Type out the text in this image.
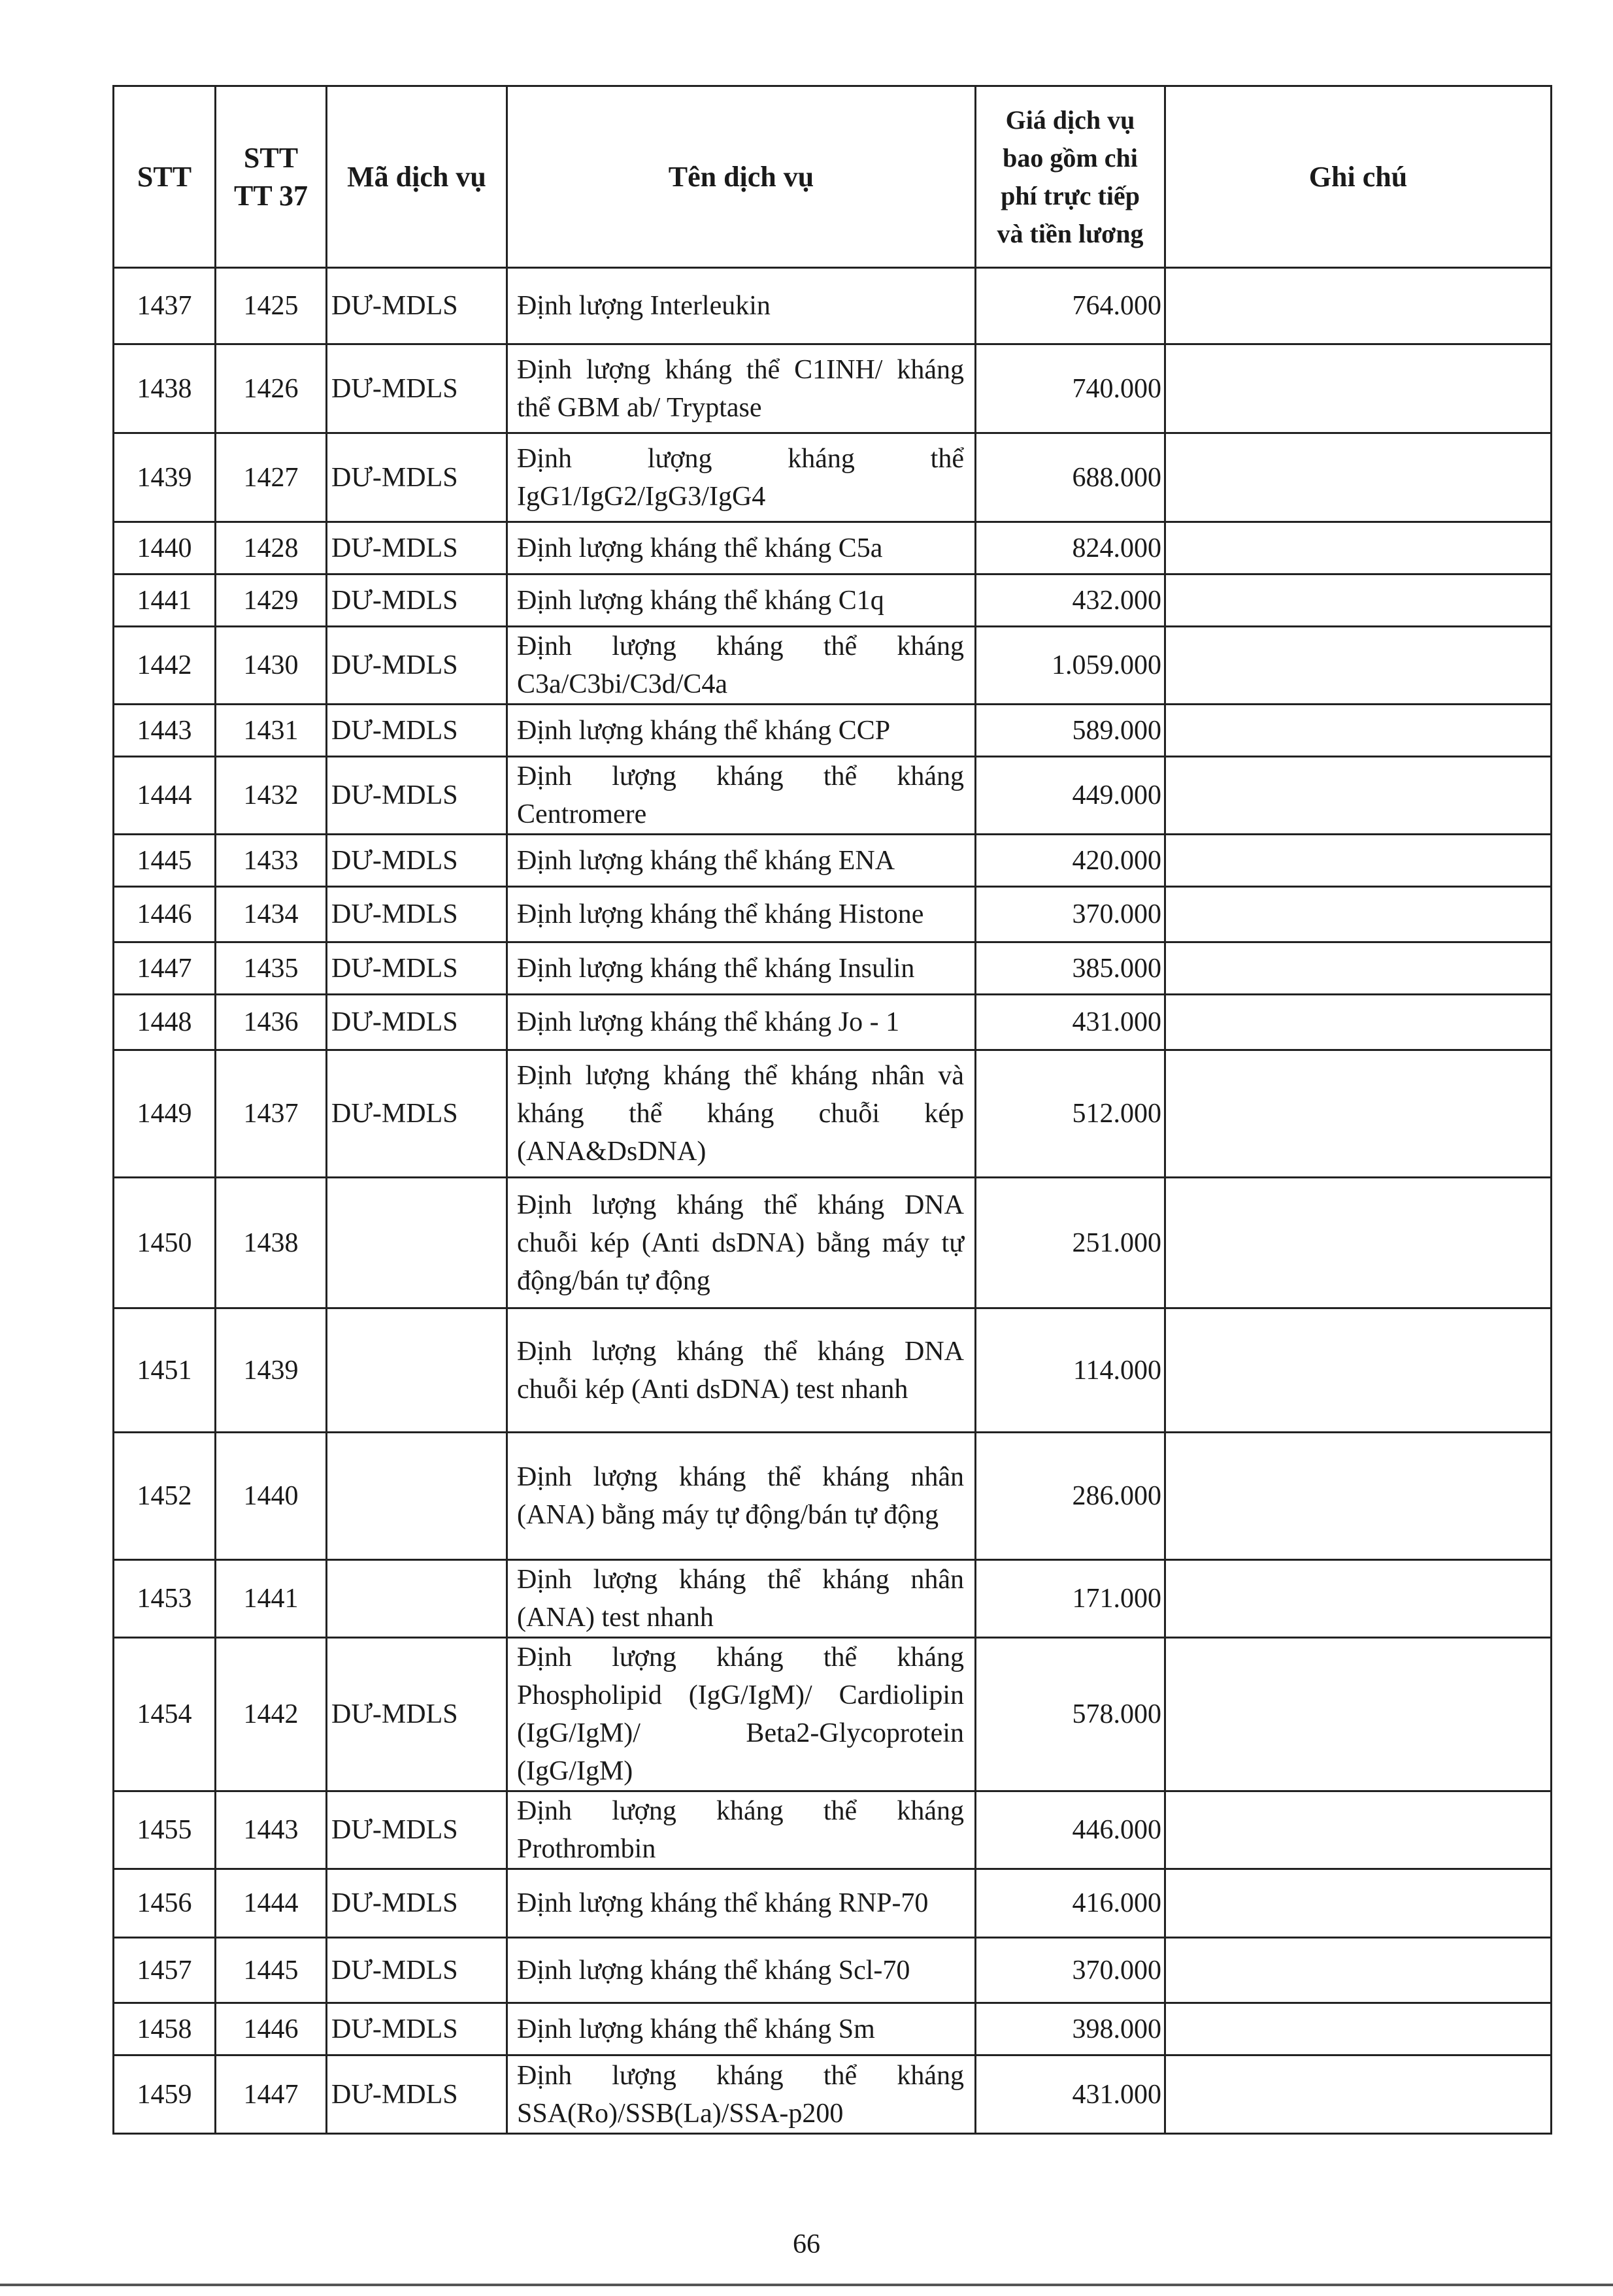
STT	STT TT 37	Mã dịch vụ	Tên dịch vụ	Giá dịch vụ bao gồm chi phí trực tiếp và tiền lương	Ghi chú
1437	1425	DƯ-MDLS	Định lượng Interleukin	764.000	
1438	1426	DƯ-MDLS	Định lượng kháng thể C1INH/ kháng thể GBM ab/ Tryptase	740.000	
1439	1427	DƯ-MDLS	Định lượng kháng thể IgG1/IgG2/IgG3/IgG4	688.000	
1440	1428	DƯ-MDLS	Định lượng kháng thể kháng C5a	824.000	
1441	1429	DƯ-MDLS	Định lượng kháng thể kháng C1q	432.000	
1442	1430	DƯ-MDLS	Định lượng kháng thể kháng C3a/C3bi/C3d/C4a	1.059.000	
1443	1431	DƯ-MDLS	Định lượng kháng thể kháng CCP	589.000	
1444	1432	DƯ-MDLS	Định lượng kháng thể kháng Centromere	449.000	
1445	1433	DƯ-MDLS	Định lượng kháng thể kháng ENA	420.000	
1446	1434	DƯ-MDLS	Định lượng kháng thể kháng Histone	370.000	
1447	1435	DƯ-MDLS	Định lượng kháng thể kháng Insulin	385.000	
1448	1436	DƯ-MDLS	Định lượng kháng thể kháng Jo - 1	431.000	
1449	1437	DƯ-MDLS	Định lượng kháng thể kháng nhân và kháng thể kháng chuỗi kép (ANA&DsDNA)	512.000	
1450	1438		Định lượng kháng thể kháng DNA chuỗi kép (Anti dsDNA) bằng máy tự động/bán tự động	251.000	
1451	1439		Định lượng kháng thể kháng DNA chuỗi kép (Anti dsDNA) test nhanh	114.000	
1452	1440		Định lượng kháng thể kháng nhân (ANA) bằng máy tự động/bán tự động	286.000	
1453	1441		Định lượng kháng thể kháng nhân (ANA) test nhanh	171.000	
1454	1442	DƯ-MDLS	Định lượng kháng thể kháng Phospholipid (IgG/IgM)/ Cardiolipin (IgG/IgM)/ Beta2-Glycoprotein (IgG/IgM)	578.000	
1455	1443	DƯ-MDLS	Định lượng kháng thể kháng Prothrombin	446.000	
1456	1444	DƯ-MDLS	Định lượng kháng thể kháng RNP-70	416.000	
1457	1445	DƯ-MDLS	Định lượng kháng thể kháng Scl-70	370.000	
1458	1446	DƯ-MDLS	Định lượng kháng thể kháng Sm	398.000	
1459	1447	DƯ-MDLS	Định lượng kháng thể kháng SSA(Ro)/SSB(La)/SSA-p200	431.000	
66
